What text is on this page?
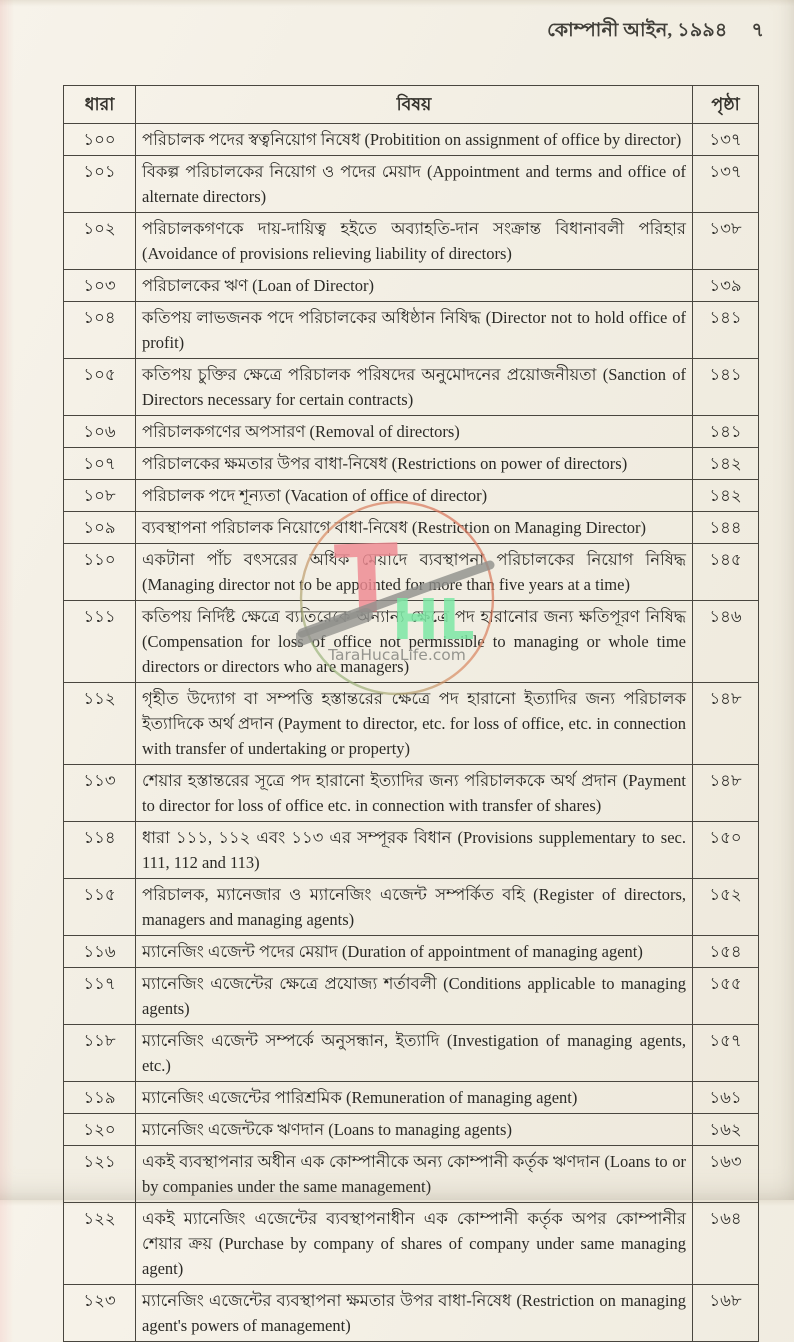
কোম্পানী আইন, ১৯৯৪ ৭
ধারা	বিষয়	পৃষ্ঠা
১০০	পরিচালক পদের স্বত্বনিয়োগ নিষেধ (Probitition on assignment of office by director)	১৩৭
১০১	বিকল্প পরিচালকের নিয়োগ ও পদের মেয়াদ (Appointment and terms and office of alternate directors)	১৩৭
১০২	পরিচালকগণকে দায়-দায়িত্ব হইতে অব্যাহতি-দান সংক্রান্ত বিধানাবলী পরিহার (Avoidance of provisions relieving liability of directors)	১৩৮
১০৩	পরিচালকের ঋণ (Loan of Director)	১৩৯
১০৪	কতিপয় লাভজনক পদে পরিচালকের অধিষ্ঠান নিষিদ্ধ (Director not to hold office of profit)	১৪১
১০৫	কতিপয় চুক্তির ক্ষেত্রে পরিচালক পরিষদের অনুমোদনের প্রয়োজনীয়তা (Sanction of Directors necessary for certain contracts)	১৪১
১০৬	পরিচালকগণের অপসারণ (Removal of directors)	১৪১
১০৭	পরিচালকের ক্ষমতার উপর বাধা-নিষেধ (Restrictions on power of directors)	১৪২
১০৮	পরিচালক পদে শূন্যতা (Vacation of office of director)	১৪২
১০৯	ব্যবস্থাপনা পরিচালক নিয়োগে বাধা-নিষেধ (Restriction on Managing Director)	১৪৪
১১০	একটানা পাঁচ বৎসরের অধিক মেয়াদে ব্যবস্থাপনা পরিচালকের নিয়োগ নিষিদ্ধ (Managing director not to be appointed for more than five years at a time)	১৪৫
১১১	কতিপয় নির্দিষ্ট ক্ষেত্রে ব্যতিরেকে অন্যান্য ক্ষেত্রে পদ হারানোর জন্য ক্ষতিপূরণ নিষিদ্ধ (Compensation for loss of office not permissible to managing or whole time directors or directors who are managers)	১৪৬
১১২	গৃহীত উদ্যোগ বা সম্পত্তি হস্তান্তরের ক্ষেত্রে পদ হারানো ইত্যাদির জন্য পরিচালক ইত্যাদিকে অর্থ প্রদান (Payment to director, etc. for loss of office, etc. in connection with transfer of undertaking or property)	১৪৮
১১৩	শেয়ার হস্তান্তরের সূত্রে পদ হারানো ইত্যাদির জন্য পরিচালককে অর্থ প্রদান (Payment to director for loss of office etc. in connection with transfer of shares)	১৪৮
১১৪	ধারা ১১১, ১১২ এবং ১১৩ এর সম্পূরক বিধান (Provisions supplementary to sec. 111, 112 and 113)	১৫০
১১৫	পরিচালক, ম্যানেজার ও ম্যানেজিং এজেন্ট সম্পর্কিত বহি (Register of directors, managers and managing agents)	১৫২
১১৬	ম্যানেজিং এজেন্ট পদের মেয়াদ (Duration of appointment of managing agent)	১৫৪
১১৭	ম্যানেজিং এজেন্টের ক্ষেত্রে প্রযোজ্য শর্তাবলী (Conditions applicable to managing agents)	১৫৫
১১৮	ম্যানেজিং এজেন্ট সম্পর্কে অনুসন্ধান, ইত্যাদি (Investigation of managing agents, etc.)	১৫৭
১১৯	ম্যানেজিং এজেন্টের পারিশ্রমিক (Remuneration of managing agent)	১৬১
১২০	ম্যানেজিং এজেন্টকে ঋণদান (Loans to managing agents)	১৬২
১২১	একই ব্যবস্থাপনার অধীন এক কোম্পানীকে অন্য কোম্পানী কর্তৃক ঋণদান (Loans to or by companies under the same management)	১৬৩
১২২	একই ম্যানেজিং এজেন্টের ব্যবস্থাপনাধীন এক কোম্পানী কর্তৃক অপর কোম্পানীর শেয়ার ক্রয় (Purchase by company of shares of company under same managing agent)	১৬৪
১২৩	ম্যানেজিং এজেন্টের ব্যবস্থাপনা ক্ষমতার উপর বাধা-নিষেধ (Restriction on managing agent's powers of management)	১৬৮
T
HL
TaraHucaLife.com
